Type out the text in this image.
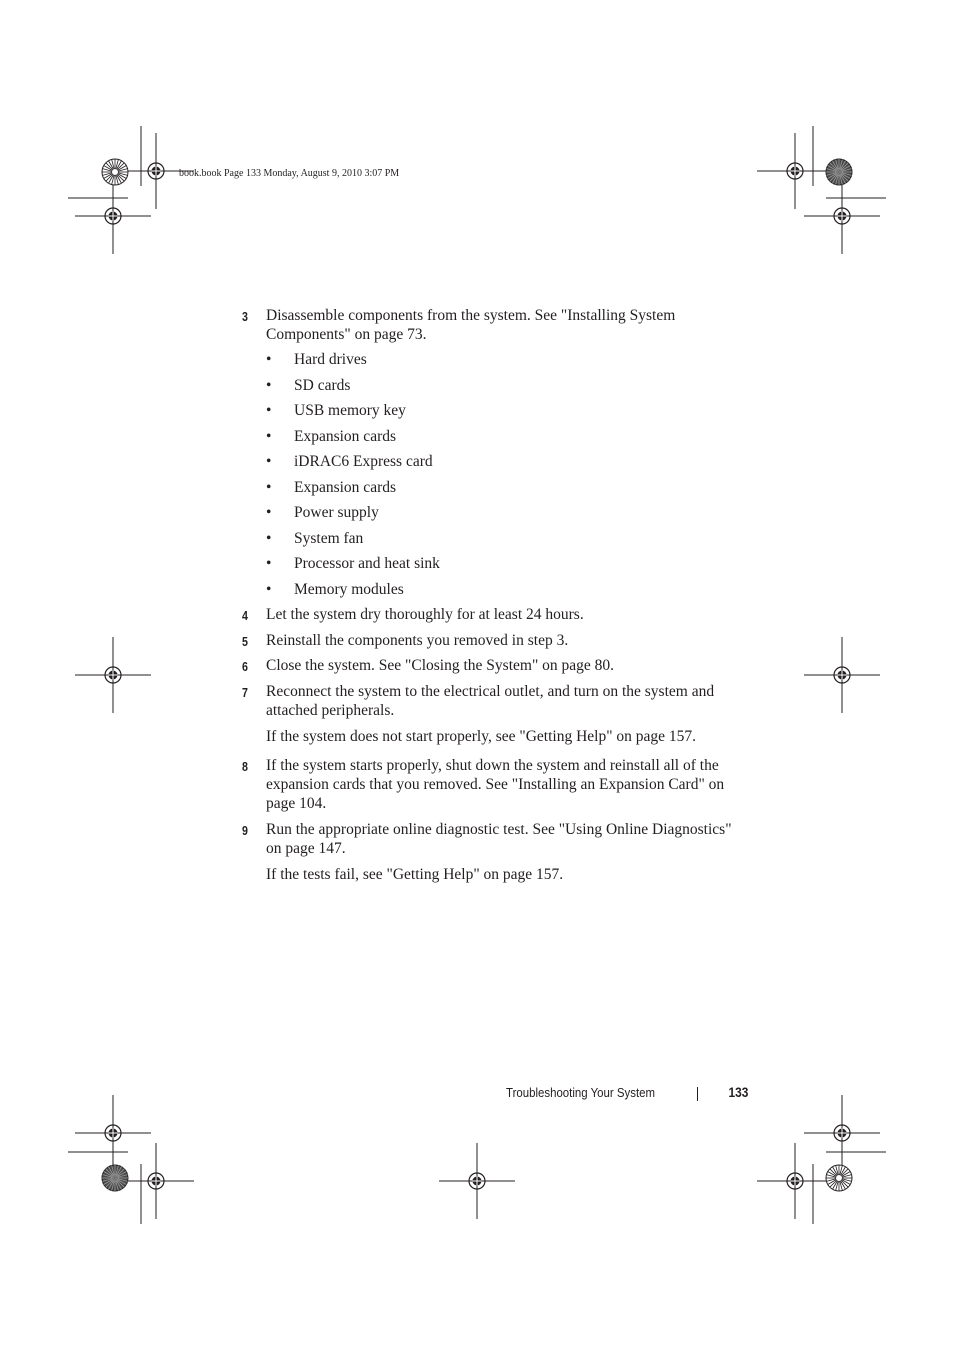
book.book Page 133 Monday, August 9, 2010 3:07 PM
3 Disassemble components from the system. See "Installing System Components" on page 73.
• Hard drives
• SD cards
• USB memory key
• Expansion cards
• iDRAC6 Express card
• Expansion cards
• Power supply
• System fan
• Processor and heat sink
• Memory modules
4 Let the system dry thoroughly for at least 24 hours.
5 Reinstall the components you removed in step 3.
6 Close the system. See "Closing the System" on page 80.
7 Reconnect the system to the electrical outlet, and turn on the system and attached peripherals.
If the system does not start properly, see "Getting Help" on page 157.
8 If the system starts properly, shut down the system and reinstall all of the expansion cards that you removed. See "Installing an Expansion Card" on page 104.
9 Run the appropriate online diagnostic test. See "Using Online Diagnostics" on page 147.
If the tests fail, see "Getting Help" on page 157.
Troubleshooting Your System	133
